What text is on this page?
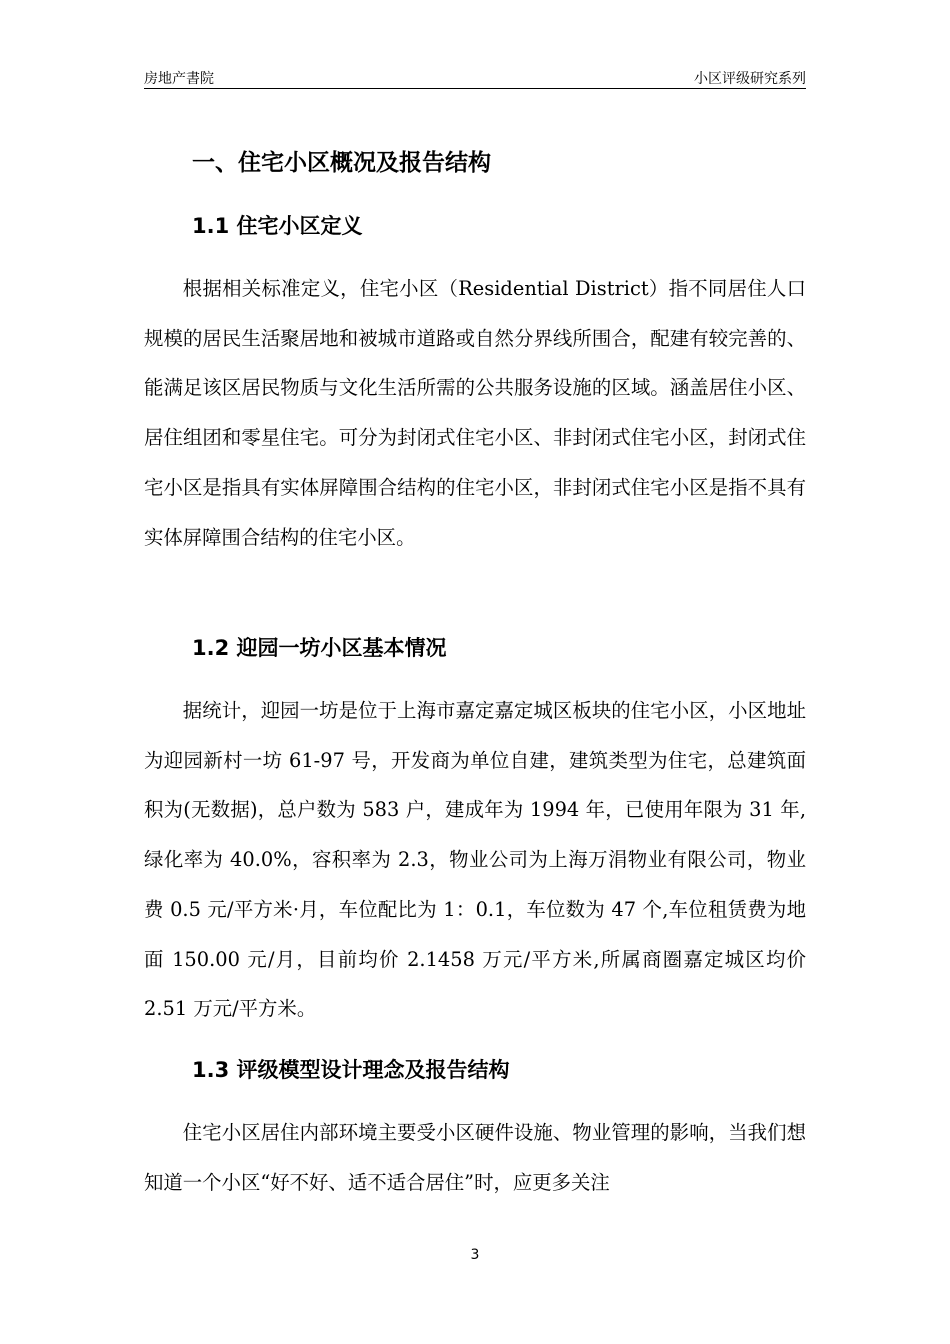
房地产書院	小区评级研究系列
一、住宅小区概况及报告结构
1.1 住宅小区定义

根据相关标准定义，住宅小区（Residential District）指不同居住人口规模的居民生活聚居地和被城市道路或自然分界线所围合，配建有较完善的、能满足该区居民物质与文化生活所需的公共服务设施的区域。涵盖居住小区、居住组团和零星住宅。可分为封闭式住宅小区、非封闭式住宅小区，封闭式住宅小区是指具有实体屏障围合结构的住宅小区，非封闭式住宅小区是指不具有实体屏障围合结构的住宅小区。

1.2 迎园一坊小区基本情况

据统计，迎园一坊是位于上海市嘉定嘉定城区板块的住宅小区，小区地址为迎园新村一坊 61-97 号，开发商为单位自建，建筑类型为住宅，总建筑面积为(无数据)，总户数为 583 户，建成年为 1994 年，已使用年限为 31 年,绿化率为 40.0%，容积率为 2.3，物业公司为上海万涓物业有限公司，物业费 0.5 元/平方米·月，车位配比为 1：0.1，车位数为 47 个,车位租赁费为地面 150.00 元/月，目前均价 2.1458 万元/平方米,所属商圈嘉定城区均价 2.51 万元/平方米。

1.3 评级模型设计理念及报告结构

住宅小区居住内部环境主要受小区硬件设施、物业管理的影响，当我们想知道一个小区“好不好、适不适合居住”时，应更多关注

3
